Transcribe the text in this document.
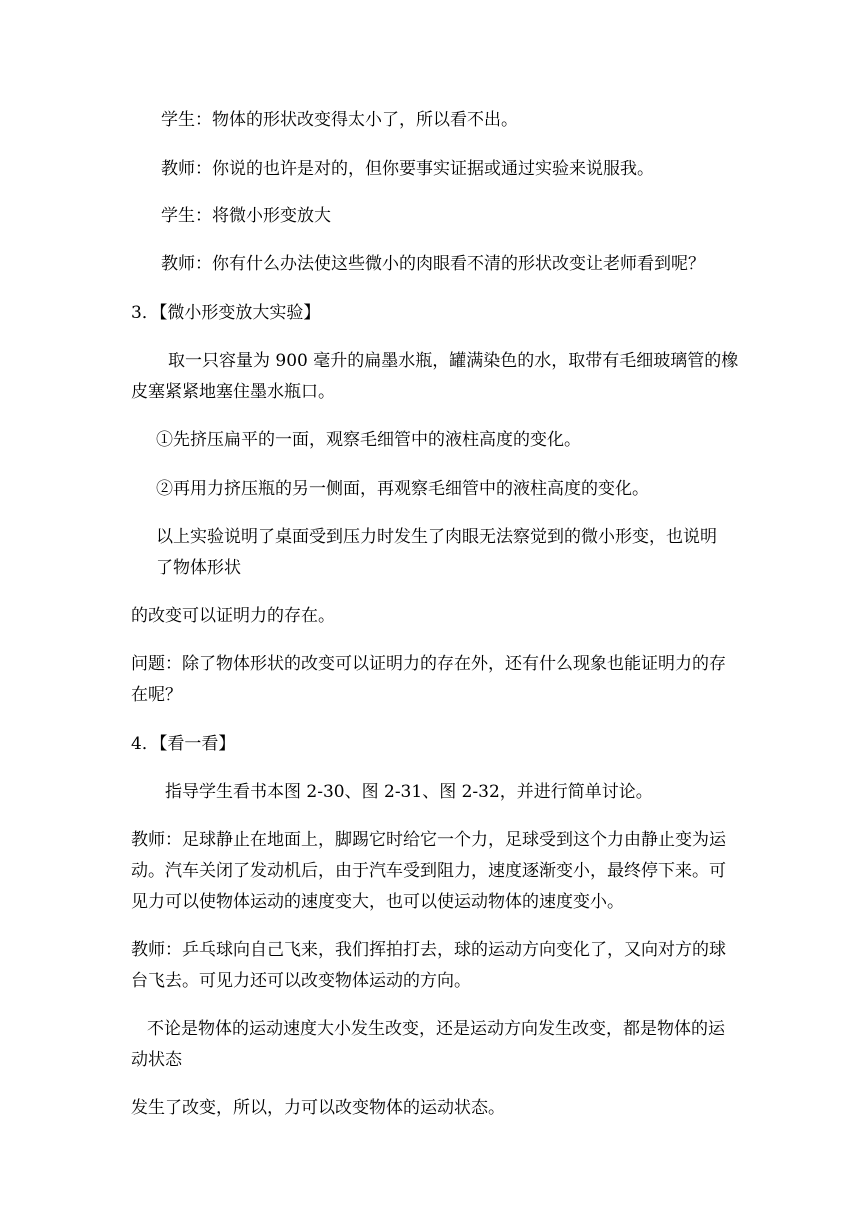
学生：物体的形状改变得太小了，所以看不出。

教师：你说的也许是对的，但你要事实证据或通过实验来说服我。

学生：将微小形变放大

教师：你有什么办法使这些微小的肉眼看不清的形状改变让老师看到呢？

3．【微小形变放大实验】

取一只容量为 900 毫升的扁墨水瓶，罐满染色的水，取带有毛细玻璃管的橡

皮塞紧紧地塞住墨水瓶口。

①先挤压扁平的一面，观察毛细管中的液柱高度的变化。

②再用力挤压瓶的另一侧面，再观察毛细管中的液柱高度的变化。

以上实验说明了桌面受到压力时发生了肉眼无法察觉到的微小形变，也说明

了物体形状

的改变可以证明力的存在。

问题：除了物体形状的改变可以证明力的存在外，还有什么现象也能证明力的存

在呢？

4．【看一看】

指导学生看书本图 2-30、图 2-31、图 2-32，并进行简单讨论。

教师：足球静止在地面上，脚踢它时给它一个力，足球受到这个力由静止变为运

动。汽车关闭了发动机后，由于汽车受到阻力，速度逐渐变小，最终停下来。可

见力可以使物体运动的速度变大，也可以使运动物体的速度变小。

教师：乒乓球向自己飞来，我们挥拍打去，球的运动方向变化了，又向对方的球

台飞去。可见力还可以改变物体运动的方向。

不论是物体的运动速度大小发生改变，还是运动方向发生改变，都是物体的运

动状态

发生了改变，所以，力可以改变物体的运动状态。
